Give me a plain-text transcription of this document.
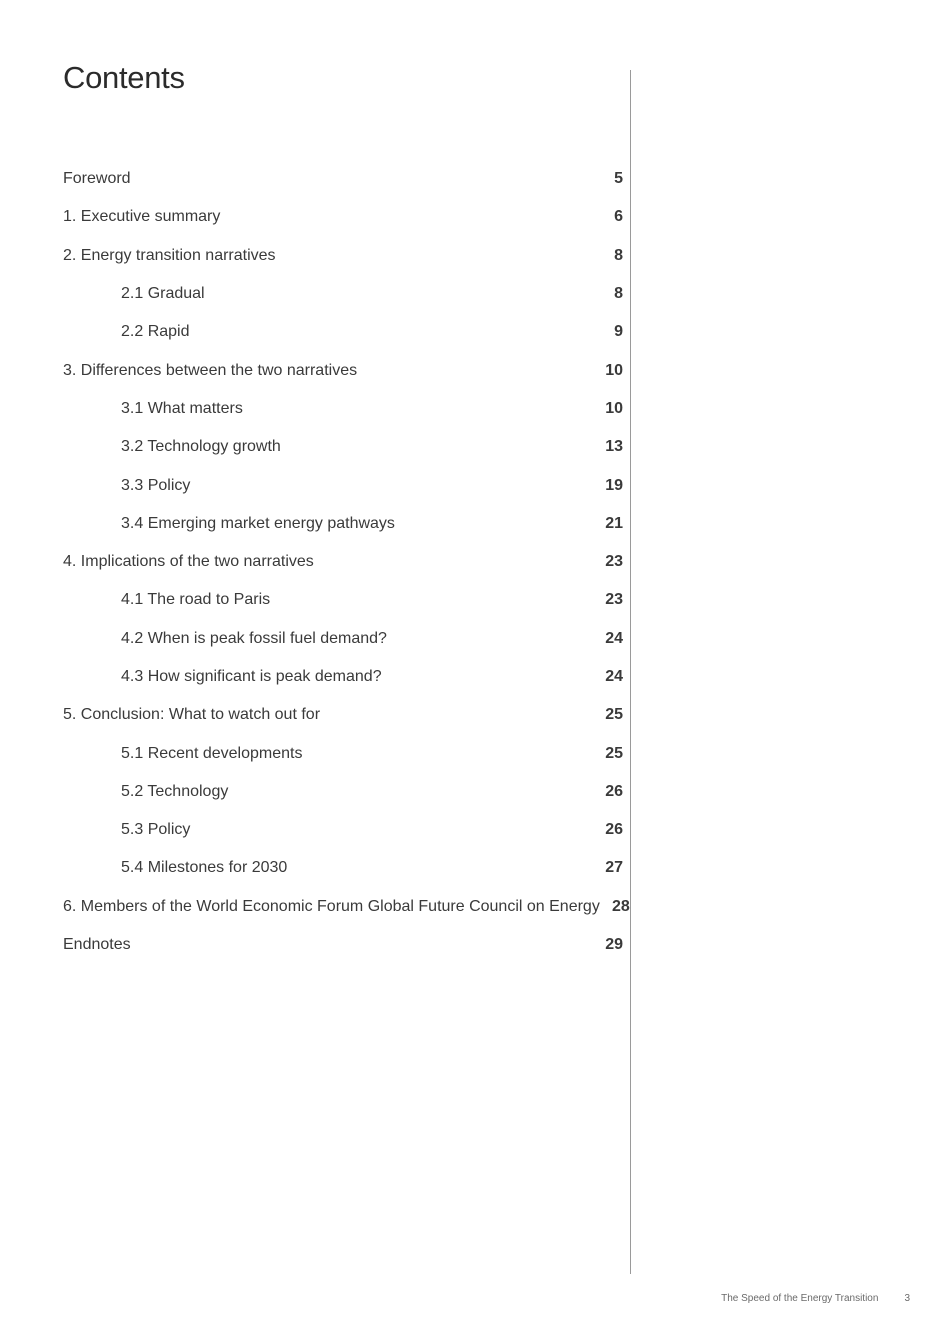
Contents
Foreword	5
1. Executive summary	6
2. Energy transition narratives	8
2.1 Gradual	8
2.2 Rapid	9
3. Differences between the two narratives	10
3.1 What matters	10
3.2 Technology growth	13
3.3 Policy	19
3.4 Emerging market energy pathways	21
4. Implications of the two narratives	23
4.1 The road to Paris	23
4.2 When is peak fossil fuel demand?	24
4.3 How significant is peak demand?	24
5. Conclusion: What to watch out for	25
5.1 Recent developments	25
5.2 Technology	26
5.3 Policy	26
5.4 Milestones for 2030	27
6. Members of the World Economic Forum Global Future Council on Energy 28
Endnotes	29
The Speed of the Energy Transition	3
